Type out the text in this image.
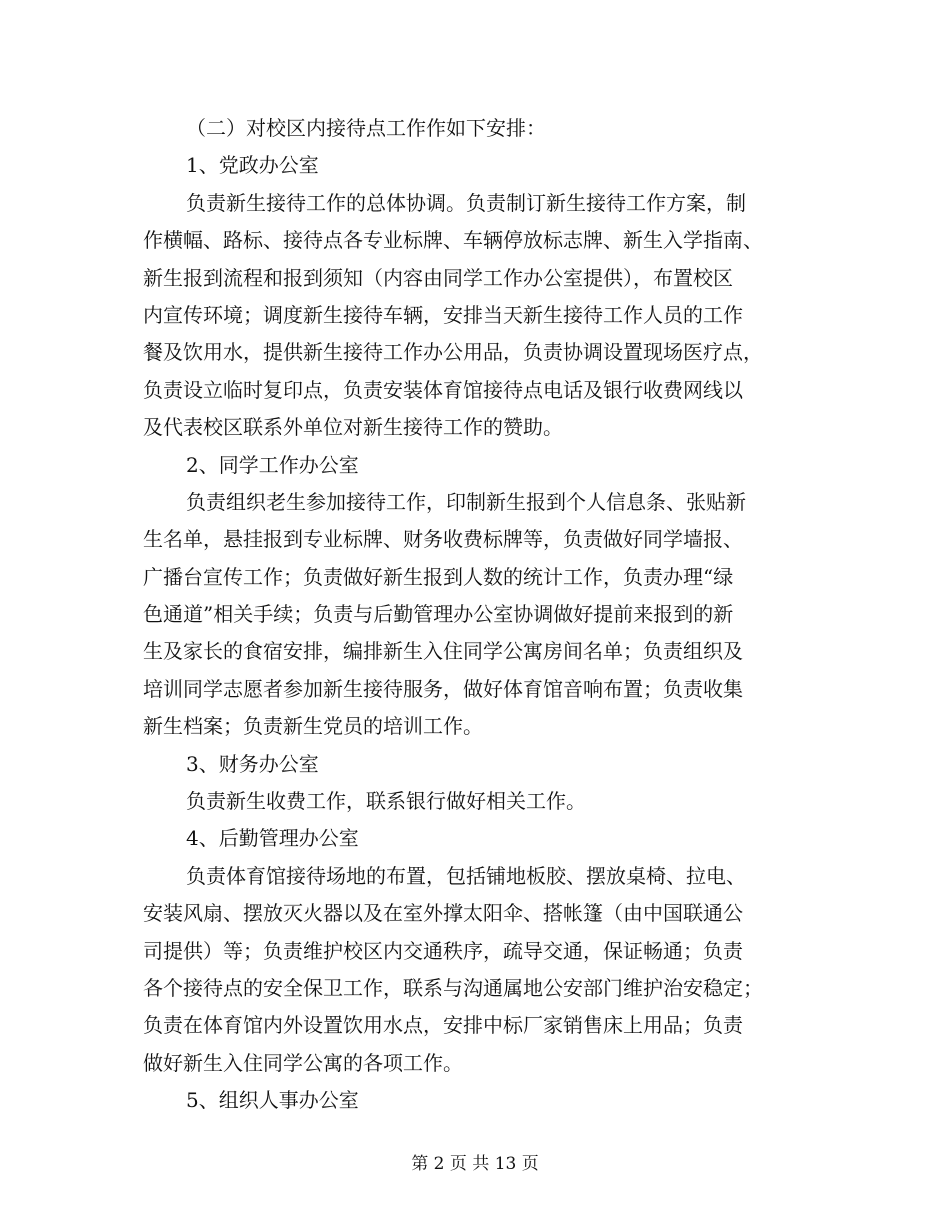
（二）对校区内接待点工作作如下安排：
1、党政办公室
负责新生接待工作的总体协调。负责制订新生接待工作方案，制
作横幅、路标、接待点各专业标牌、车辆停放标志牌、新生入学指南、
新生报到流程和报到须知（内容由同学工作办公室提供），布置校区
内宣传环境；调度新生接待车辆，安排当天新生接待工作人员的工作
餐及饮用水，提供新生接待工作办公用品，负责协调设置现场医疗点，
负责设立临时复印点，负责安装体育馆接待点电话及银行收费网线以
及代表校区联系外单位对新生接待工作的赞助。
2、同学工作办公室
负责组织老生参加接待工作，印制新生报到个人信息条、张贴新
生名单，悬挂报到专业标牌、财务收费标牌等，负责做好同学墙报、
广播台宣传工作；负责做好新生报到人数的统计工作，负责办理“绿
色通道”相关手续；负责与后勤管理办公室协调做好提前来报到的新
生及家长的食宿安排，编排新生入住同学公寓房间名单；负责组织及
培训同学志愿者参加新生接待服务，做好体育馆音响布置；负责收集
新生档案；负责新生党员的培训工作。
3、财务办公室
负责新生收费工作，联系银行做好相关工作。
4、后勤管理办公室
负责体育馆接待场地的布置，包括铺地板胶、摆放桌椅、拉电、
安装风扇、摆放灭火器以及在室外撑太阳伞、搭帐篷（由中国联通公
司提供）等；负责维护校区内交通秩序，疏导交通，保证畅通；负责
各个接待点的安全保卫工作，联系与沟通属地公安部门维护治安稳定；
负责在体育馆内外设置饮用水点，安排中标厂家销售床上用品；负责
做好新生入住同学公寓的各项工作。
5、组织人事办公室
第 2 页 共 13 页
